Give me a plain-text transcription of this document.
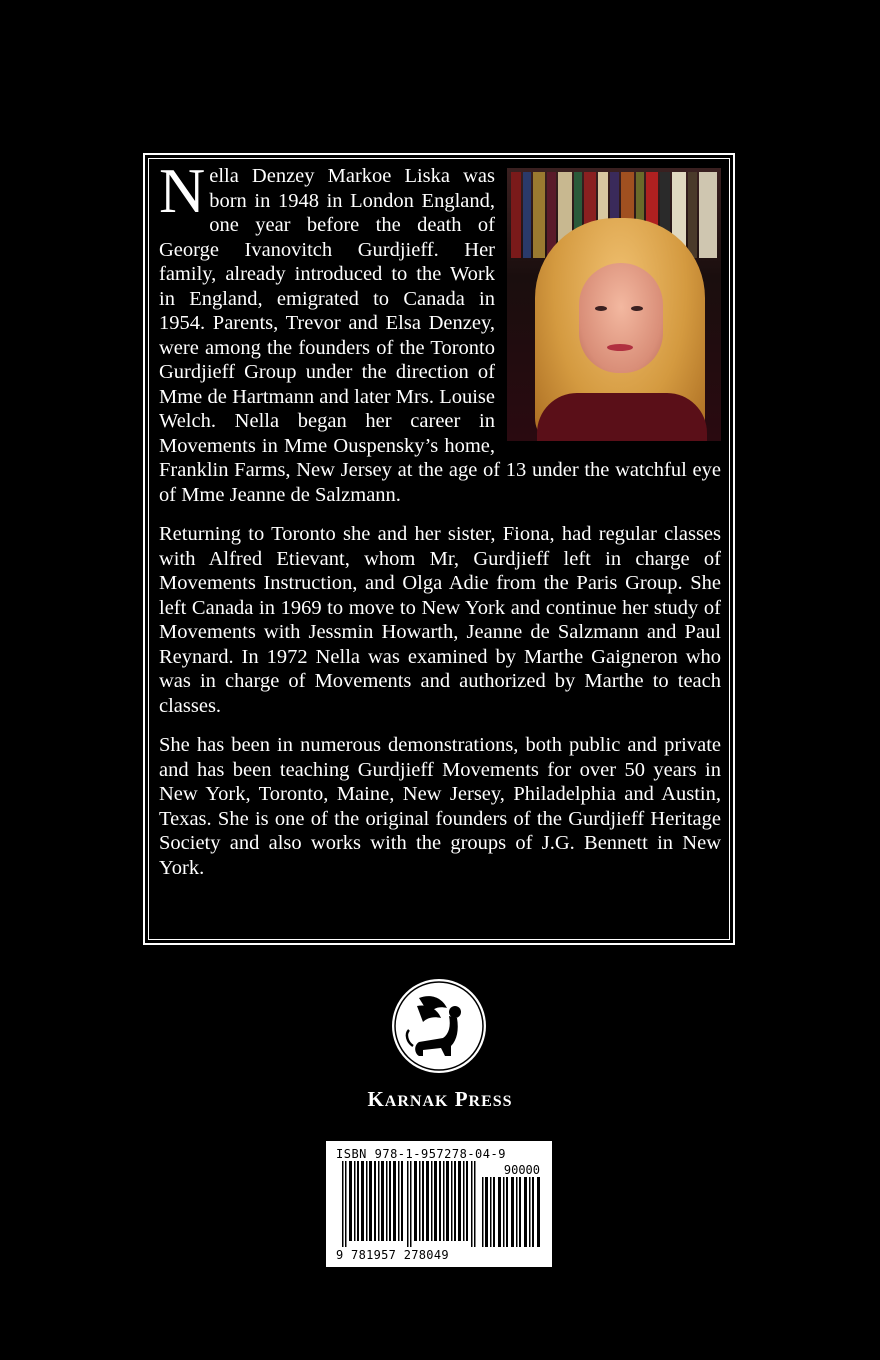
Nella Denzey Markoe Liska was born in 1948 in London England, one year before the death of George Ivanovitch Gurdjieff. Her family, already introduced to the Work in England, emigrated to Canada in 1954. Parents, Trevor and Elsa Denzey, were among the founders of the Toronto Gurdjieff Group under the direction of Mme de Hartmann and later Mrs. Louise Welch. Nella began her career in Movements in Mme Ouspensky’s home, Franklin Farms, New Jersey at the age of 13 under the watchful eye of Mme Jeanne de Salzmann.

Returning to Toronto she and her sister, Fiona, had regular classes with Alfred Etievant, whom Mr, Gurdjieff left in charge of Movements Instruction, and Olga Adie from the Paris Group. She left Canada in 1969 to move to New York and continue her study of Movements with Jessmin Howarth, Jeanne de Salzmann and Paul Reynard. In 1972 Nella was examined by Marthe Gaigneron who was in charge of Movements and authorized by Marthe to teach classes.

She has been in numerous demonstrations, both public and private and has been teaching Gurdjieff Movements for over 50 years in New York, Toronto, Maine, New Jersey, Philadelphia and Austin, Texas. She is one of the original founders of the Gurdjieff Heritage Society and also works with the groups of J.G. Bennett in New York.

KARNAK PRESS
ISBN 978-1-957278-04-9
90000
9 781957 278049
